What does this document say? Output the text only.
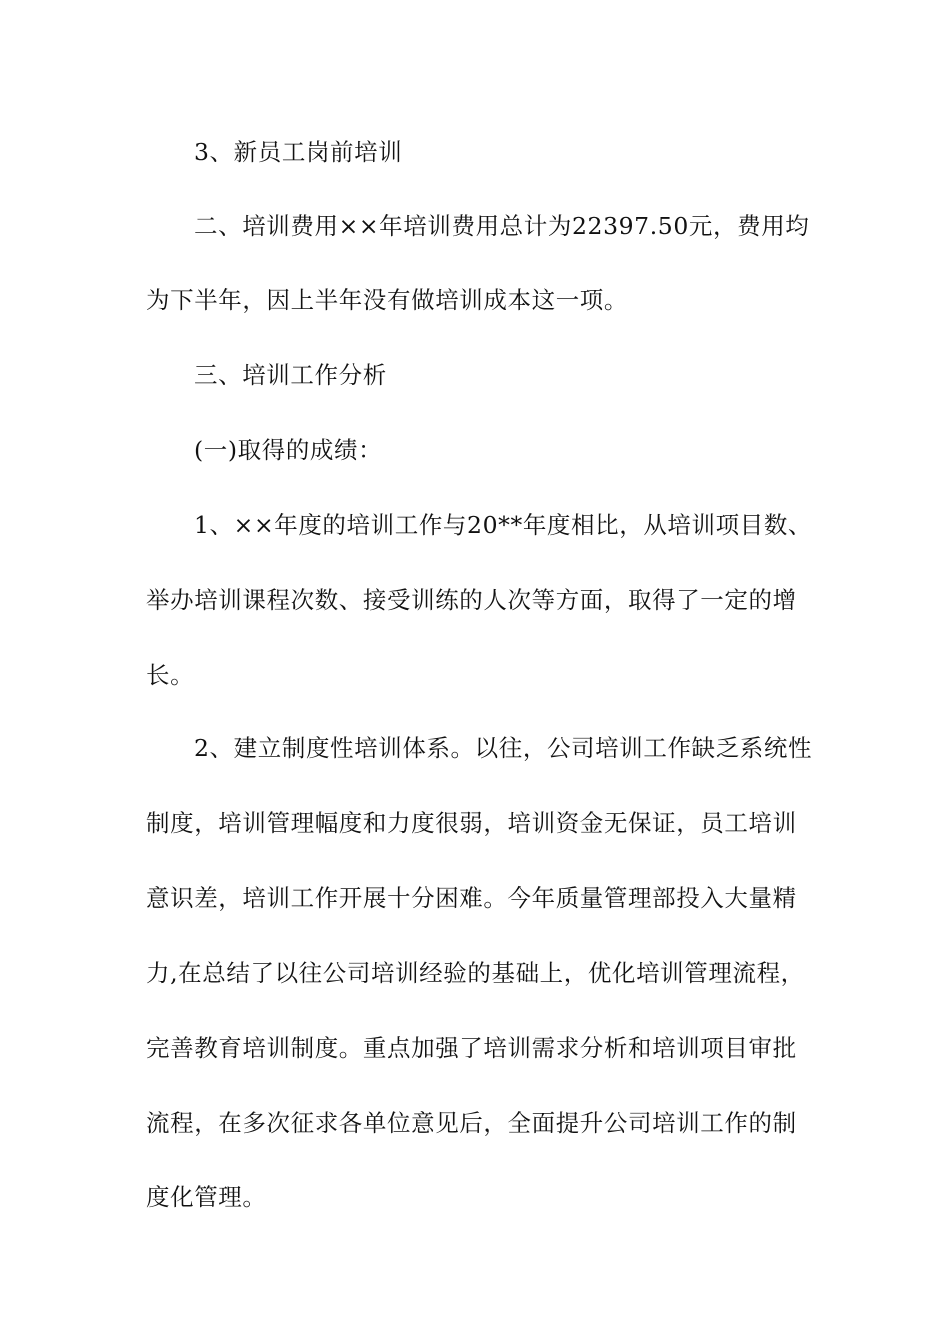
3、新员工岗前培训
二、培训费用××年培训费用总计为22397.50元，费用均
为下半年，因上半年没有做培训成本这一项。
三、培训工作分析
(一)取得的成绩：
1、××年度的培训工作与20**年度相比，从培训项目数、
举办培训课程次数、接受训练的人次等方面，取得了一定的增
长。
2、建立制度性培训体系。以往，公司培训工作缺乏系统性
制度，培训管理幅度和力度很弱，培训资金无保证，员工培训
意识差，培训工作开展十分困难。今年质量管理部投入大量精
力,在总结了以往公司培训经验的基础上，优化培训管理流程，
完善教育培训制度。重点加强了培训需求分析和培训项目审批
流程，在多次征求各单位意见后，全面提升公司培训工作的制
度化管理。
